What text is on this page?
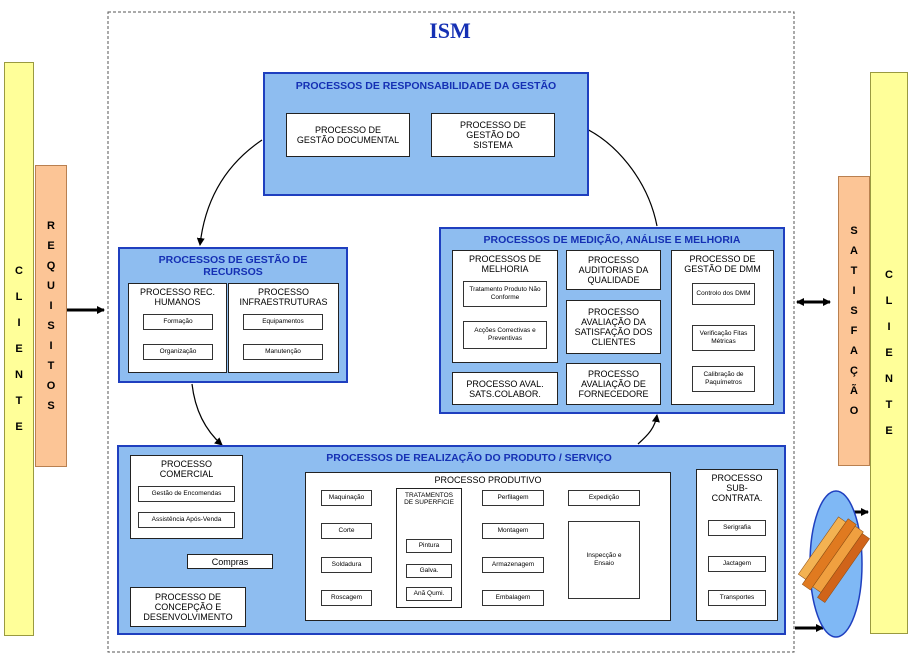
C
L
I
E
N
T
E
R
E
Q
U
I
S
I
T
O
S
S
A
T
I
S
F
A
Ç
Ã
O
C
L
I
E
N
T
E
ISM
PROCESSOS DE RESPONSABILIDADE DA GESTÃO
PROCESSO DE GESTÃO DOCUMENTAL
PROCESSO DE GESTÃO DO SISTEMA
PROCESSOS DE GESTÃO DE RECURSOS
PROCESSO REC. HUMANOS
Formação
Organização
PROCESSO INFRAESTRUTURAS
Equipamentos
Manutenção
PROCESSOS DE MEDIÇÃO, ANÁLISE E MELHORIA
PROCESSOS DE MELHORIA
Tratamento Produto Não Conforme
Acções Correctivas e Preventivas
PROCESSO AUDITORIAS DA QUALIDADE
PROCESSO AVALIAÇÃO DA SATISFAÇÃO DOS CLIENTES
PROCESSO AVALIAÇÃO DE FORNECEDORE
PROCESSO AVAL. SATS.COLABOR.
PROCESSO DE GESTÃO DE DMM
Controlo dos DMM
Verificação Fitas Métricas
Calibração de Paquímetros
PROCESSOS DE REALIZAÇÃO DO PRODUTO / SERVIÇO
PROCESSO COMERCIAL
Gestão de Encomendas
Assistência Após-Venda
Compras
PROCESSO DE CONCEPÇÃO E DESENVOLVIMENTO
PROCESSO PRODUTIVO
Maquinação
Corte
Soldadura
Roscagem
TRATAMENTOS DE SUPERFICIE
Pintura
Galva.
Anã Qumi.
Perfilagem
Montagem
Armazenagem
Embalagem
Expedição
Inspecção e Ensaio
PROCESSO SUB-CONTRATA.
Serigrafia
Jactagem
Transportes
